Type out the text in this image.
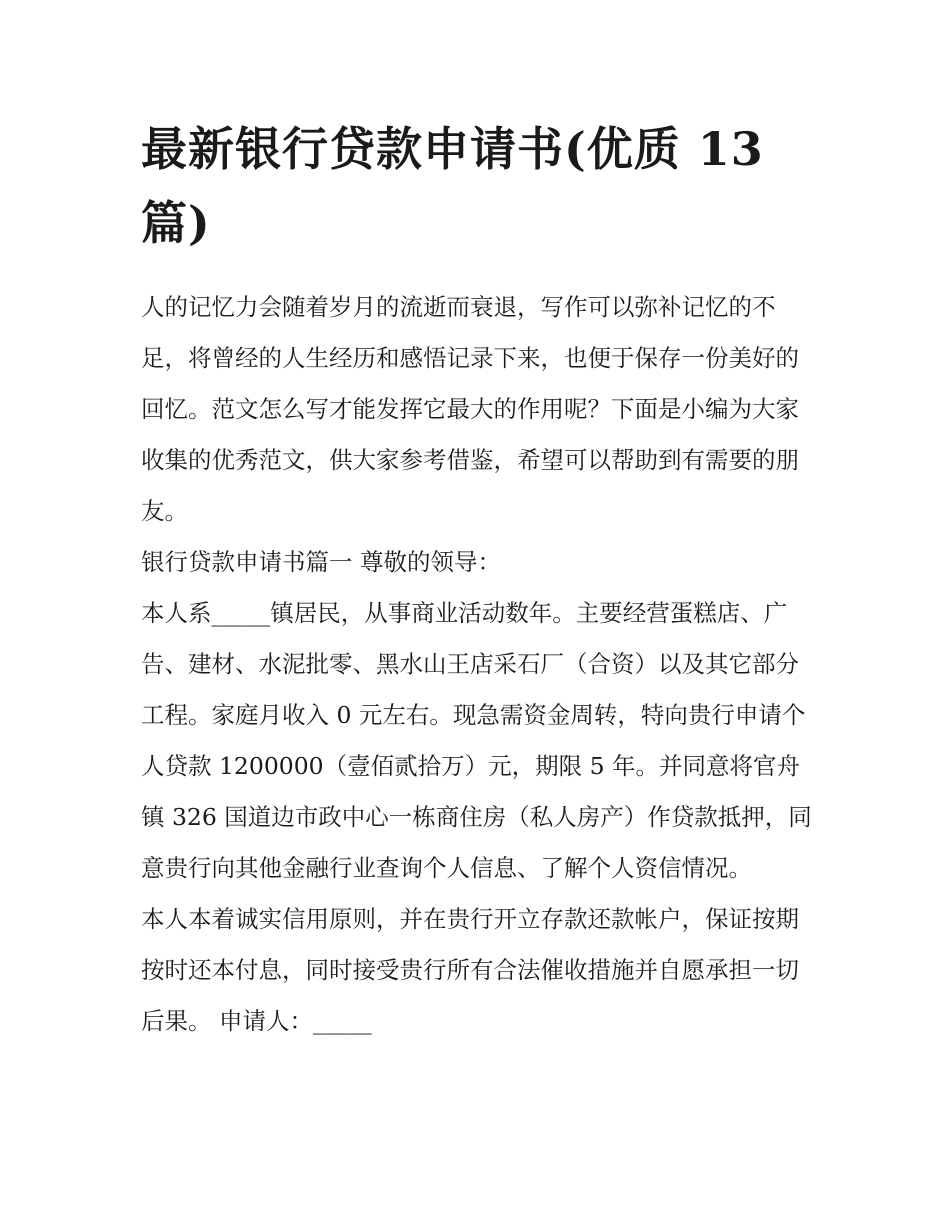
最新银行贷款申请书(优质 13 篇)

人的记忆力会随着岁月的流逝而衰退，写作可以弥补记忆的不足，将曾经的人生经历和感悟记录下来，也便于保存一份美好的回忆。范文怎么写才能发挥它最大的作用呢？下面是小编为大家收集的优秀范文，供大家参考借鉴，希望可以帮助到有需要的朋友。

银行贷款申请书篇一 尊敬的领导：

本人系_____镇居民，从事商业活动数年。主要经营蛋糕店、广告、建材、水泥批零、黑水山王店采石厂（合资）以及其它部分工程。家庭月收入 0 元左右。现急需资金周转，特向贵行申请个人贷款 1200000（壹佰贰拾万）元，期限 5 年。并同意将官舟镇 326 国道边市政中心一栋商住房（私人房产）作贷款抵押，同意贵行向其他金融行业查询个人信息、了解个人资信情况。

本人本着诚实信用原则，并在贵行开立存款还款帐户，保证按期按时还本付息，同时接受贵行所有合法催收措施并自愿承担一切后果。 申请人：_____
